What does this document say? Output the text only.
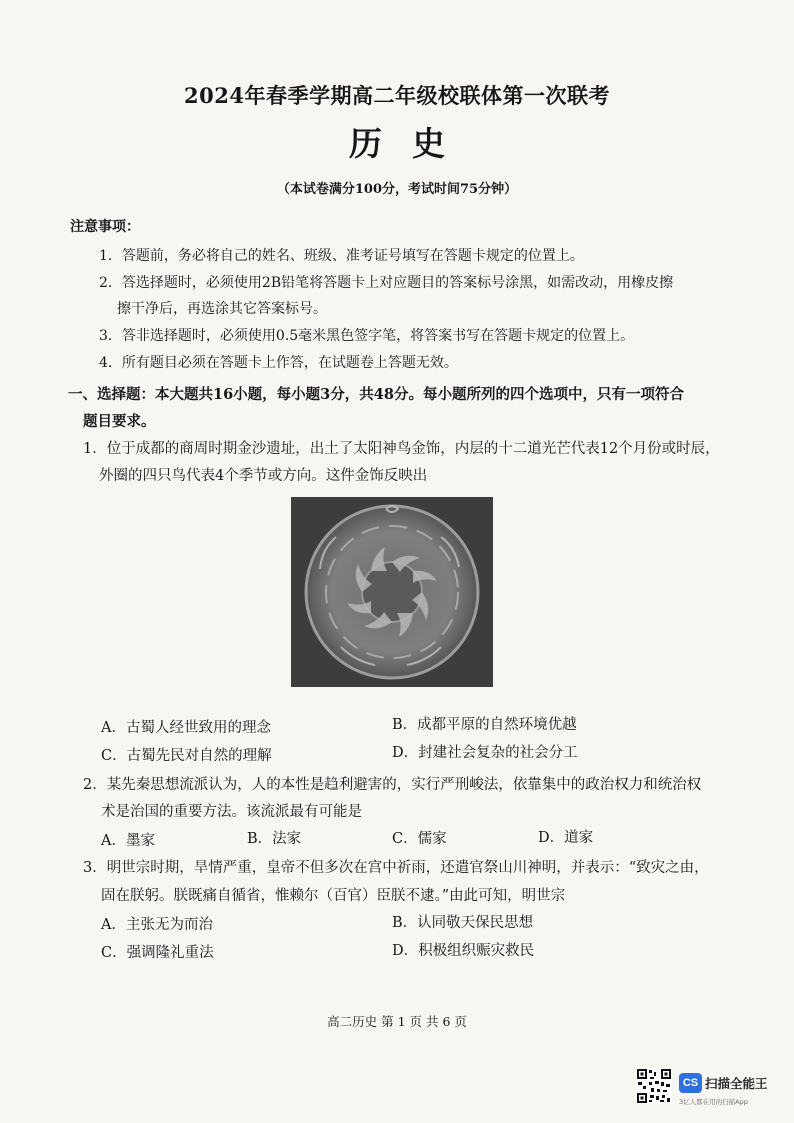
2024年春季学期高二年级校联体第一次联考
历史
（本试卷满分100分，考试时间75分钟）
注意事项：
1．答题前，务必将自己的姓名、班级、准考证号填写在答题卡规定的位置上。
2．答选择题时，必须使用2B铅笔将答题卡上对应题目的答案标号涂黑，如需改动，用橡皮擦
擦干净后，再选涂其它答案标号。
3．答非选择题时，必须使用0.5毫米黑色签字笔，将答案书写在答题卡规定的位置上。
4．所有题目必须在答题卡上作答，在试题卷上答题无效。
一、选择题：本大题共16小题，每小题3分，共48分。每小题所列的四个选项中，只有一项符合
题目要求。
1．位于成都的商周时期金沙遗址，出土了太阳神鸟金饰，内层的十二道光芒代表12个月份或时辰，
外圈的四只鸟代表4个季节或方向。这件金饰反映出
A．古蜀人经世致用的理念	B．成都平原的自然环境优越
C．古蜀先民对自然的理解	D．封建社会复杂的社会分工
2．某先秦思想流派认为，人的本性是趋利避害的，实行严刑峻法，依靠集中的政治权力和统治权
术是治国的重要方法。该流派最有可能是
A．墨家	B．法家	C．儒家	D．道家
3．明世宗时期，旱情严重，皇帝不但多次在宫中祈雨，还遣官祭山川神明，并表示：“致灾之由，
固在朕躬。朕既痛自循省，惟赖尔（百官）臣朕不逮。”由此可知，明世宗
A．主张无为而治	B．认同敬天保民思想
C．强调隆礼重法	D．积极组织赈灾救民
高二历史 第 1 页 共 6 页
CS 扫描全能王
3亿人都在用的扫描App
